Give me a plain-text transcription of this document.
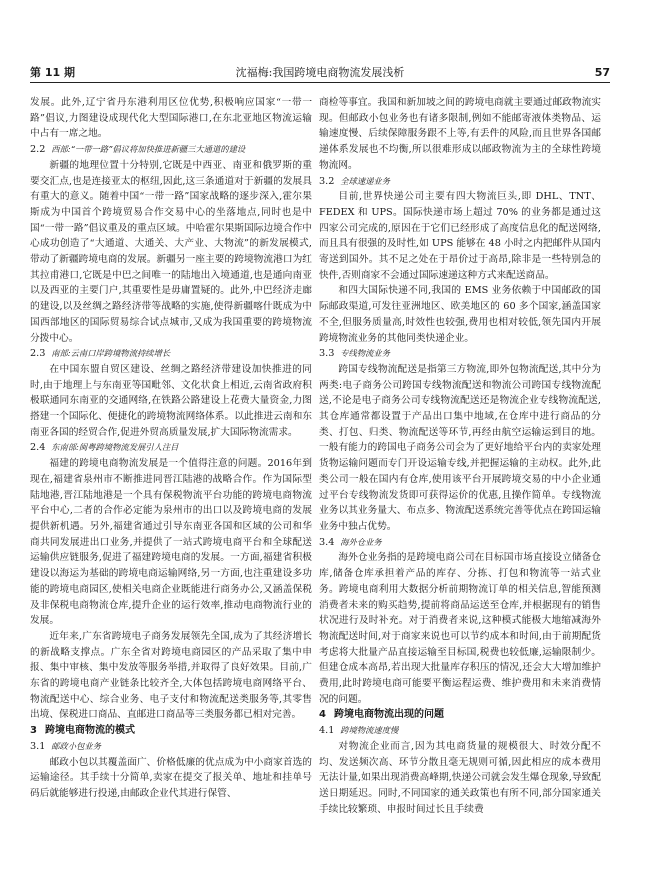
第 11 期	沈福梅:我国跨境电商物流发展浅析	57

发展。此外,辽宁省丹东港利用区位优势,积极响应国家“一带一路”倡议,力图建设成现代化大型国际港口,在东北亚地区物流运输中占有一席之地。

2.2 西部:“一带一路”倡议将加快推进新疆三大通道的建设

新疆的地理位置十分特别,它既是中西亚、南亚和俄罗斯的重要交汇点,也是连接亚太的枢纽,因此,这三条通道对于新疆的发展具有重大的意义。随着中国“一带一路”国家战略的逐步深入,霍尔果斯成为中国首个跨境贸易合作交易中心的坐落地点,同时也是中国“一带一路”倡议重及的重点区域。中哈霍尔果斯国际边境合作中心成功创造了“大通道、大通关、大产业、大物流”的新发展模式,带动了新疆跨境电商的发展。新疆另一座主要的跨境物流港口为红其拉甫港口,它既是中巴之间唯一的陆地出入境通道,也是通向南亚以及西亚的主要门户,其重要性是毋庸置疑的。此外,中巴经济走廊的建设,以及丝绸之路经济带等战略的实施,使得新疆喀什既成为中国西部地区的国际贸易综合试点城市,又成为我国重要的跨境物流分拨中心。

2.3 南部:云南口岸跨境物流持续增长

在中国东盟自贸区建设、丝绸之路经济带建设加快推进的同时,由于地理上与东南亚等国毗邻、文化状食上相近,云南省政府积极联通同东南亚的交通网络,在铁路公路建设上花费大量资金,力图搭建一个国际化、便捷化的跨境物流网络体系。以此推进云南和东南亚各国的经贸合作,促进外贸高质量发展,扩大国际物流需求。

2.4 东南部:闽粤跨境物流发展引人注目

福建的跨境电商物流发展是一个值得注意的问题。2016年到现在,福建省泉州市不断推进同晋江陆港的战略合作。作为国际型陆地港,晋江陆地港是一个具有保税物流平台功能的跨境电商物流平台中心,二者的合作必定能为泉州市的出口以及跨境电商的发展提供新机遇。另外,福建省通过引导东南亚各国和区域的公司和华商共同发展进出口业务,并提供了一站式跨境电商平台和全球配送运输供应链服务,促进了福建跨境电商的发展。一方面,福建省积极建设以海运为基础的跨境电商运输网络,另一方面,也注重建设多功能的跨境电商园区,使相关电商企业既能进行商务办公,又涵盖保税及非保税电商物流仓库,提升企业的运行效率,推动电商物流行业的发展。

近年来,广东省跨境电子商务发展领先全国,成为了其经济增长的新战略支撑点。广东全省对跨境电商园区的产品采取了集中申报、集中审核、集中发放等服务举措,并取得了良好效果。目前,广东省的跨境电商产业链条比较齐全,大体包括跨境电商网络平台、物流配送中心、综合业务、电子支付和物流配送类服务等,其零售出境、保税进口商品、直邮进口商品等三类服务都已相对完善。

3 跨境电商物流的模式
3.1 邮政小包业务

邮政小包以其覆盖面广、价格低廉的优点成为中小商家首选的运输途径。其手续十分简单,卖家在提交了报关单、地址和挂单号码后就能够进行投递,由邮政企业代其进行保管、

商检等事宜。我国和新加坡之间的跨境电商就主要通过邮政物流实现。但邮政小包业务也有诸多限制,例如不能邮寄液体类物品、运输速度慢、后续保障服务跟不上等,有丢件的风险,而且世界各国邮递体系发展也不均衡,所以很难形成以邮政物流为主的全球性跨境物流网。

3.2 全球速递业务

目前,世界快递公司主要有四大物流巨头,即 DHL、TNT、FEDEX 和 UPS。国际快递市场上超过 70% 的业务都是通过这四家公司完成的,原因在于它们已经形成了高度信息化的配送网络,而且具有很强的及时性,如 UPS 能够在 48 小时之内把邮件从国内寄送到国外。其不足之处在于昂价过于高昂,除非是一些特别急的快件,否则商家不会通过国际速递这种方式来配送商品。

和四大国际快递不同,我国的 EMS 业务依赖于中国邮政的国际邮政渠道,可发往亚洲地区、欧美地区的 60 多个国家,涵盖国家不全,但服务质量高,时效性也较强,费用也相对较低,领先国内开展跨境物流业务的其他同类快递企业。

3.3 专线物流业务

跨国专线物流配送是指第三方物流,即外包物流配送,其中分为两类:电子商务公司跨国专线物流配送和物流公司跨国专线物流配送,不论是电子商务公司专线物流配送还是物流企业专线物流配送,其仓库通常都设置于产品出口集中地域,在仓库中进行商品的分类、打包、归类、物流配送等环节,再经由航空运输运到目的地。一般有能力的跨国电子商务公司会为了更好地给平台内的卖家处理货物运输问题而专门开设运输专线,并把握运输的主动权。此外,此类公司一般在国内有仓库,使用该平台开展跨境交易的中小企业通过平台专线物流发货即可获得运价的优惠,且操作简单。专线物流业务以其业务量大、布点多、物流配送系统完善等优点在跨国运输业务中独占优势。

3.4 海外仓业务

海外仓业务指的是跨境电商公司在目标国市场直接设立储备仓库,储备仓库承担着产品的库存、分拣、打包和物流等一站式业务。跨境电商利用大数据分析前期物流订单的相关信息,智能预测消费者未来的购买趋势,提前将商品运送至仓库,并根据现有的销售状况进行及时补充。对于消费者来说,这种模式能极大地缩减海外物流配送时间,对于商家来说也可以节约成本和时间,由于前期配货考虑将大批量产品直接运输至目标国,税费也较低廉,运输限制少。但建仓成本高昂,若出现大批量库存积压的情况,还会大大增加维护费用,此时跨境电商可能要平衡运程运费、维护费用和未来消费情况的问题。

4 跨境电商物流出现的问题
4.1 跨境物流速度慢

对物流企业而言,因为其电商货量的规模很大、时效分配不均、发送频次高、环节分散且毫无规则可循,因此相应的成本费用无法计量,如果出现消费高峰期,快递公司就会发生爆仓现象,导致配送日期延迟。同时,不同国家的通关政策也有所不同,部分国家通关手续比较繁琐、申报时间过长且手续费
